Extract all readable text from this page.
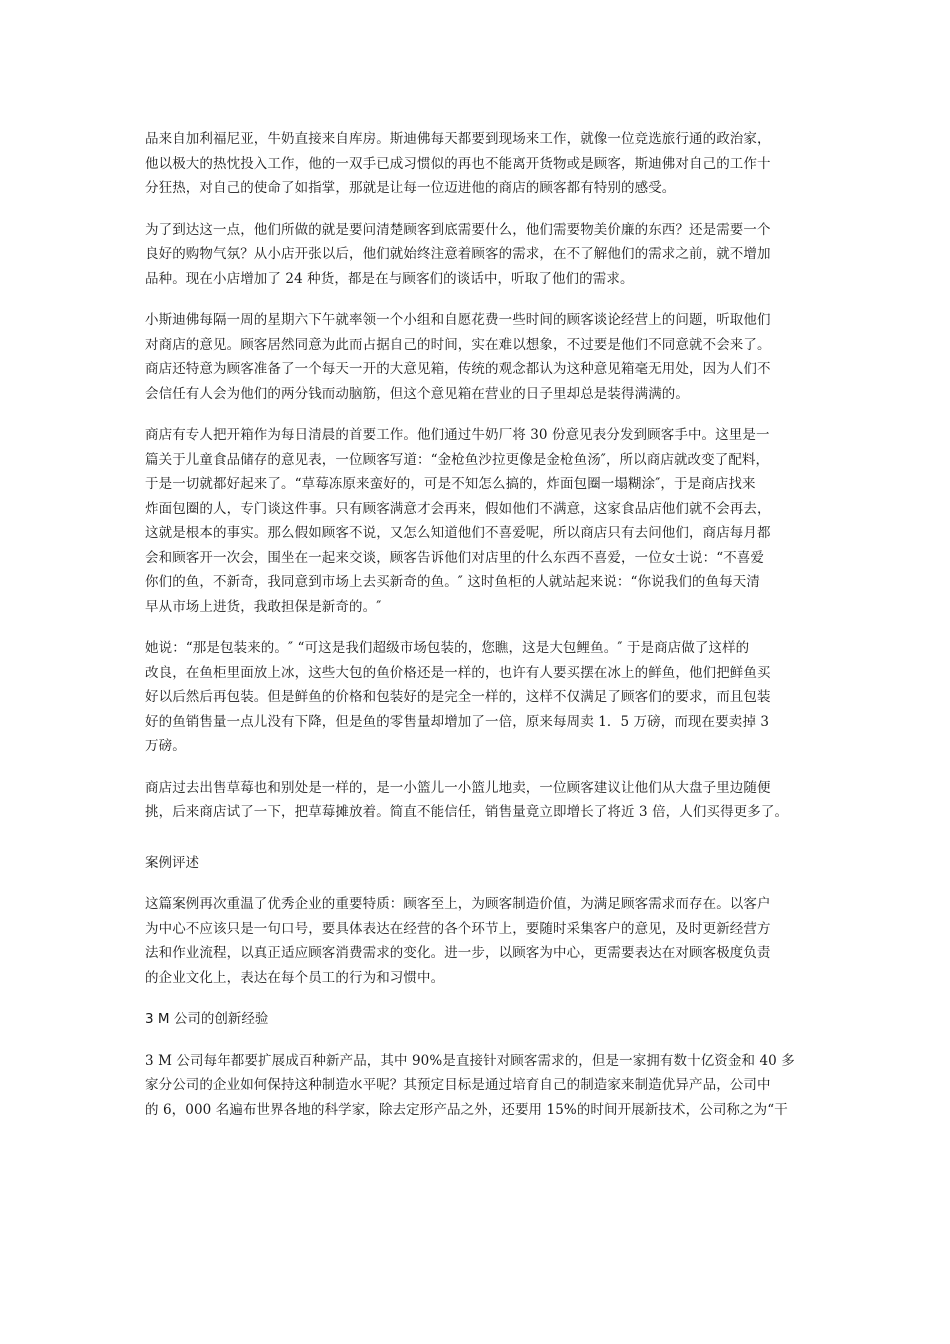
品来自加利福尼亚，牛奶直接来自库房。斯迪佛每天都要到现场来工作，就像一位竞选旅行通的政治家，
他以极大的热忱投入工作，他的一双手已成习惯似的再也不能离开货物或是顾客，斯迪佛对自己的工作十
分狂热，对自己的使命了如指掌，那就是让每一位迈进他的商店的顾客都有特别的感受。

为了到达这一点，他们所做的就是要问清楚顾客到底需要什么，他们需要物美价廉的东西？还是需要一个
良好的购物气氛？从小店开张以后，他们就始终注意着顾客的需求，在不了解他们的需求之前，就不增加
品种。现在小店增加了 24 种货，都是在与顾客们的谈话中，听取了他们的需求。

小斯迪佛每隔一周的星期六下午就率领一个小组和自愿花费一些时间的顾客谈论经营上的问题，听取他们
对商店的意见。顾客居然同意为此而占据自己的时间，实在难以想象，不过要是他们不同意就不会来了。
商店还特意为顾客准备了一个每天一开的大意见箱，传统的观念都认为这种意见箱毫无用处，因为人们不
会信任有人会为他们的两分钱而动脑筋，但这个意见箱在营业的日子里却总是装得满满的。

商店有专人把开箱作为每日清晨的首要工作。他们通过牛奶厂将 30 份意见表分发到顾客手中。这里是一
篇关于儿童食品储存的意见表，一位顾客写道：“金枪鱼沙拉更像是金枪鱼汤″，所以商店就改变了配料，
于是一切就都好起来了。“草莓冻原来蛮好的，可是不知怎么搞的，炸面包圈一塌糊涂″，于是商店找来
炸面包圈的人，专门谈这件事。只有顾客满意才会再来，假如他们不满意，这家食品店他们就不会再去，
这就是根本的事实。那么假如顾客不说，又怎么知道他们不喜爱呢，所以商店只有去问他们，商店每月都
会和顾客开一次会，围坐在一起来交谈，顾客告诉他们对店里的什么东西不喜爱，一位女士说：“不喜爱
你们的鱼，不新奇，我同意到市场上去买新奇的鱼。″ 这时鱼柜的人就站起来说：“你说我们的鱼每天清
早从市场上进货，我敢担保是新奇的。″

她说：“那是包装来的。″ “可这是我们超级市场包装的，您瞧，这是大包鲤鱼。″ 于是商店做了这样的
改良，在鱼柜里面放上冰，这些大包的鱼价格还是一样的，也许有人要买摆在冰上的鲜鱼，他们把鲜鱼买
好以后然后再包装。但是鲜鱼的价格和包装好的是完全一样的，这样不仅满足了顾客们的要求，而且包装
好的鱼销售量一点儿没有下降，但是鱼的零售量却增加了一倍，原来每周卖 1．5 万磅，而现在要卖掉 3
万磅。

商店过去出售草莓也和别处是一样的，是一小篮儿一小篮儿地卖，一位顾客建议让他们从大盘子里边随便
挑，后来商店试了一下，把草莓摊放着。简直不能信任，销售量竟立即增长了将近 3 倍，人们买得更多了。

案例评述

这篇案例再次重温了优秀企业的重要特质：顾客至上，为顾客制造价值，为满足顾客需求而存在。以客户
为中心不应该只是一句口号，要具体表达在经营的各个环节上，要随时采集客户的意见，及时更新经营方
法和作业流程，以真正适应顾客消费需求的变化。进一步，以顾客为中心，更需要表达在对顾客极度负责
的企业文化上，表达在每个员工的行为和习惯中。

3 M 公司的创新经验

3 M 公司每年都要扩展成百种新产品，其中 90%是直接针对顾客需求的，但是一家拥有数十亿资金和 40 多
家分公司的企业如何保持这种制造水平呢？其预定目标是通过培育自己的制造家来制造优异产品，公司中
的 6，000 名遍布世界各地的科学家，除去定形产品之外，还要用 15%的时间开展新技术，公司称之为“干
